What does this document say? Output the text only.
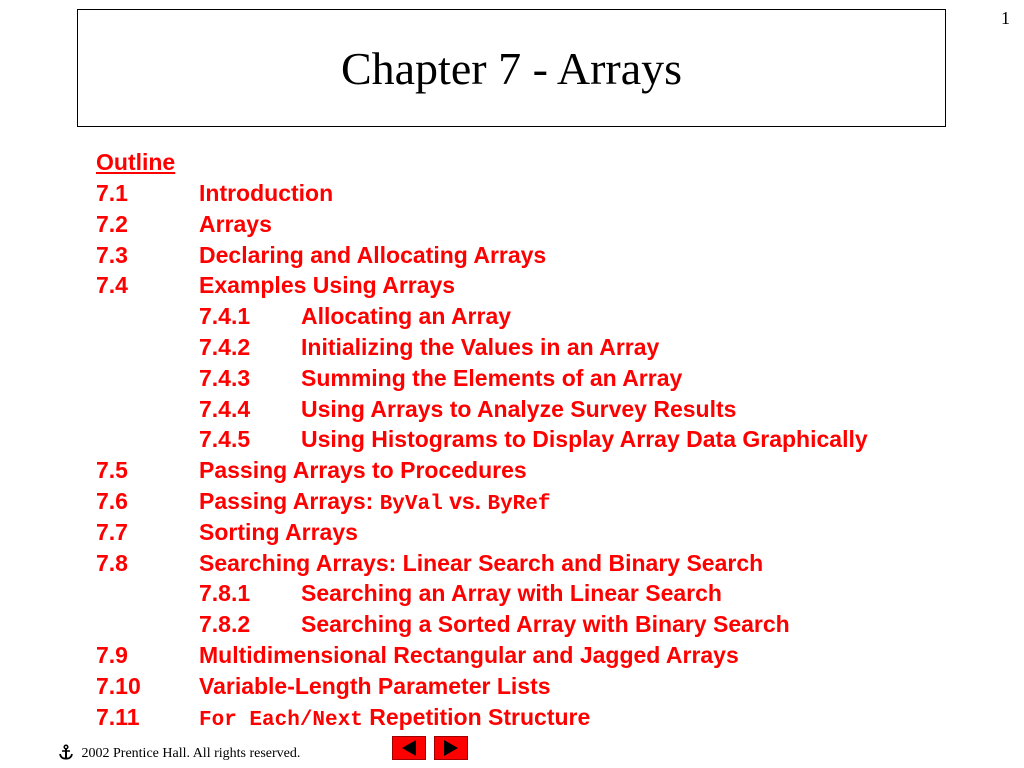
1
Chapter 7 - Arrays
Outline
7.1	Introduction
7.2	Arrays
7.3	Declaring and Allocating Arrays
7.4	Examples Using Arrays
7.4.1 Allocating an Array
7.4.2 Initializing the Values in an Array
7.4.3 Summing the Elements of an Array
7.4.4 Using Arrays to Analyze Survey Results
7.4.5 Using Histograms to Display Array Data Graphically
7.5	Passing Arrays to Procedures
7.6	Passing Arrays: ByVal vs. ByRef
7.7	Sorting Arrays
7.8	Searching Arrays: Linear Search and Binary Search
7.8.1 Searching an Array with Linear Search
7.8.2 Searching a Sorted Array with Binary Search
7.9	Multidimensional Rectangular and Jagged Arrays
7.10	Variable-Length Parameter Lists
7.11	For Each/Next Repetition Structure
2002 Prentice Hall. All rights reserved.
